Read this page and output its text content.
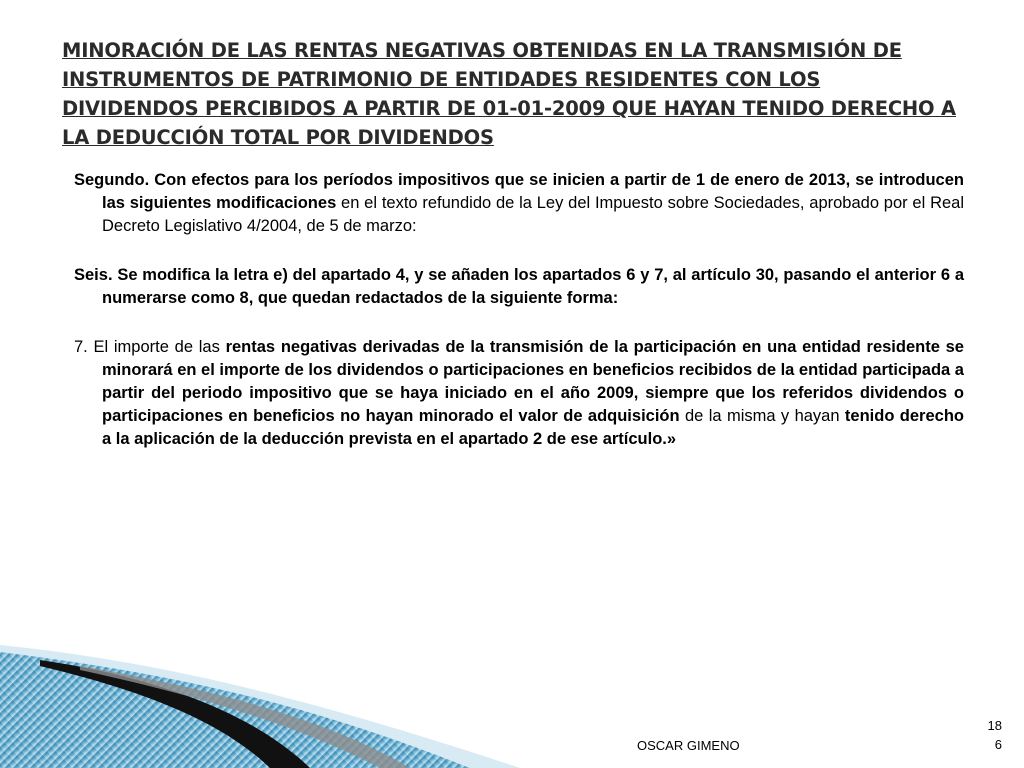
MINORACIÓN DE LAS RENTAS NEGATIVAS OBTENIDAS EN LA TRANSMISIÓN DE INSTRUMENTOS DE PATRIMONIO DE ENTIDADES RESIDENTES CON LOS DIVIDENDOS PERCIBIDOS A PARTIR DE 01-01-2009 QUE HAYAN TENIDO DERECHO A LA DEDUCCIÓN TOTAL POR DIVIDENDOS

Segundo. Con efectos para los períodos impositivos que se inicien a partir de 1 de enero de 2013, se introducen las siguientes modificaciones en el texto refundido de la Ley del Impuesto sobre Sociedades, aprobado por el Real Decreto Legislativo 4/2004, de 5 de marzo:

Seis. Se modifica la letra e) del apartado 4, y se añaden los apartados 6 y 7, al artículo 30, pasando el anterior 6 a numerarse como 8, que quedan redactados de la siguiente forma:

7. El importe de las rentas negativas derivadas de la transmisión de la participación en una entidad residente se minorará en el importe de los dividendos o participaciones en beneficios recibidos de la entidad participada a partir del periodo impositivo que se haya iniciado en el año 2009, siempre que los referidos dividendos o participaciones en beneficios no hayan minorado el valor de adquisición de la misma y hayan tenido derecho a la aplicación de la deducción prevista en el apartado 2 de ese artículo.»

OSCAR GIMENO
18
6
